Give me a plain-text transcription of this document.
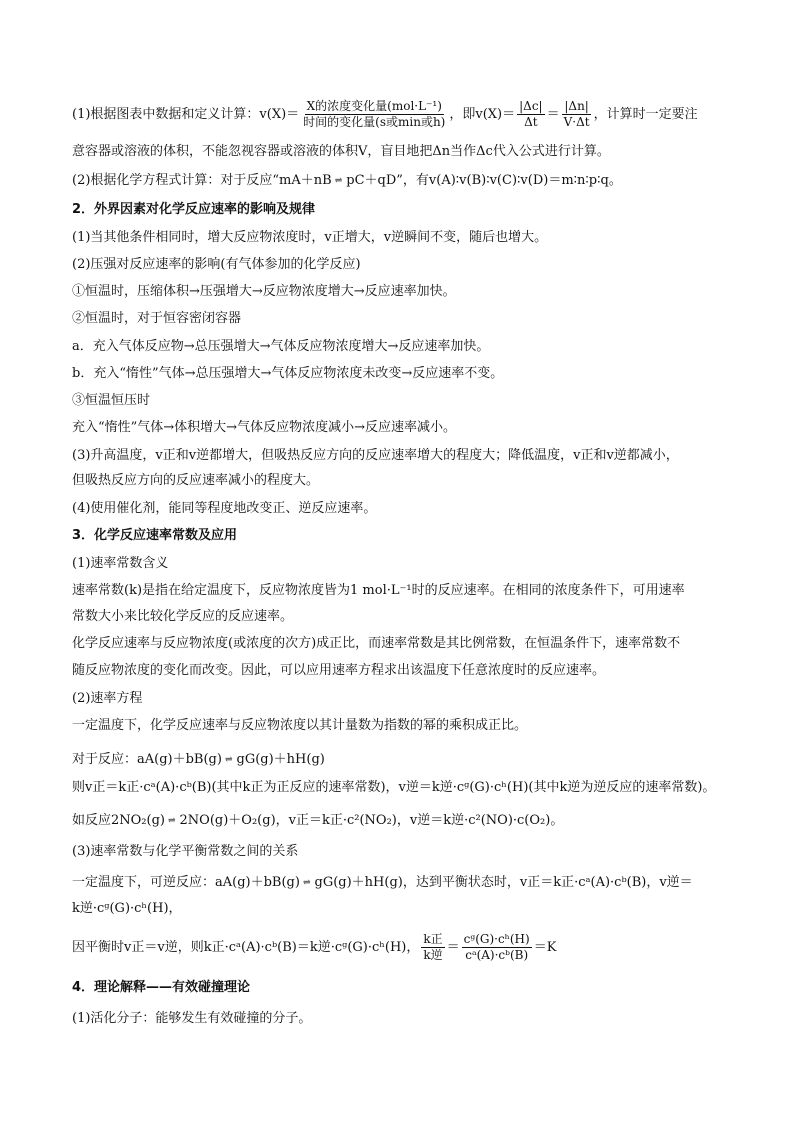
(1)根据图表中数据和定义计算：$v(X)= \frac{\text{X的浓度变化量(mol·L⁻¹)}}{\text{时间的变化量(s或min或h)}}$ ，即$v(X)= \frac{|\Delta c|}{\Delta t} = \frac{|\Delta n|}{V\cdot\Delta t}$ ，计算时一定要注
意容器或溶液的体积，不能忽视容器或溶液的体积V，盲目地把Δn当作Δc代入公式进行计算。
(2)根据化学方程式计算：对于反应“mA＋nB ⇌ pC＋qD”，有v(A)∶v(B)∶v(C)∶v(D)＝m∶n∶p∶q。
2．外界因素对化学反应速率的影响及规律
(1)当其他条件相同时，增大反应物浓度时，v正增大，v逆瞬间不变，随后也增大。
(2)压强对反应速率的影响(有气体参加的化学反应)
①恒温时，压缩体积→压强增大→反应物浓度增大→反应速率加快。
②恒温时，对于恒容密闭容器
a．充入气体反应物→总压强增大→气体反应物浓度增大→反应速率加快。
b．充入“惰性”气体→总压强增大→气体反应物浓度未改变→反应速率不变。
③恒温恒压时
充入“惰性”气体→体积增大→气体反应物浓度减小→反应速率减小。
(3)升高温度，v正和v逆都增大，但吸热反应方向的反应速率增大的程度大；降低温度，v正和v逆都减小，
但吸热反应方向的反应速率减小的程度大。
(4)使用催化剂，能同等程度地改变正、逆反应速率。
3．化学反应速率常数及应用
(1)速率常数含义
速率常数(k)是指在给定温度下，反应物浓度皆为1 mol·L⁻¹时的反应速率。在相同的浓度条件下，可用速率
常数大小来比较化学反应的反应速率。
化学反应速率与反应物浓度(或浓度的次方)成正比，而速率常数是其比例常数，在恒温条件下，速率常数不
随反应物浓度的变化而改变。因此，可以应用速率方程求出该温度下任意浓度时的反应速率。
(2)速率方程
一定温度下，化学反应速率与反应物浓度以其计量数为指数的幂的乘积成正比。
对于反应：aA(g)＋bB(g) ⇌ gG(g)＋hH(g)
则v正＝k正·cᵃ(A)·cᵇ(B)(其中k正为正反应的速率常数)，v逆＝k逆·cᵍ(G)·cʰ(H)(其中k逆为逆反应的速率常数)。
如反应2NO₂(g) ⇌ 2NO(g)＋O₂(g)，v正＝k正·c²(NO₂)，v逆＝k逆·c²(NO)·c(O₂)。
(3)速率常数与化学平衡常数之间的关系
一定温度下，可逆反应：aA(g)＋bB(g) ⇌ gG(g)＋hH(g)，达到平衡状态时，v正＝k正·cᵃ(A)·cᵇ(B)，v逆＝
k逆·cᵍ(G)·cʰ(H)，
因平衡时v正＝v逆，则k正·cᵃ(A)·cᵇ(B)＝k逆·cᵍ(G)·cʰ(H)， $\frac{\text{k正}}{\text{k逆}} = \frac{\text{cᵍ(G)·cʰ(H)}}{\text{cᵃ(A)·cᵇ(B)}} =K$
4．理论解释——有效碰撞理论
(1)活化分子：能够发生有效碰撞的分子。
